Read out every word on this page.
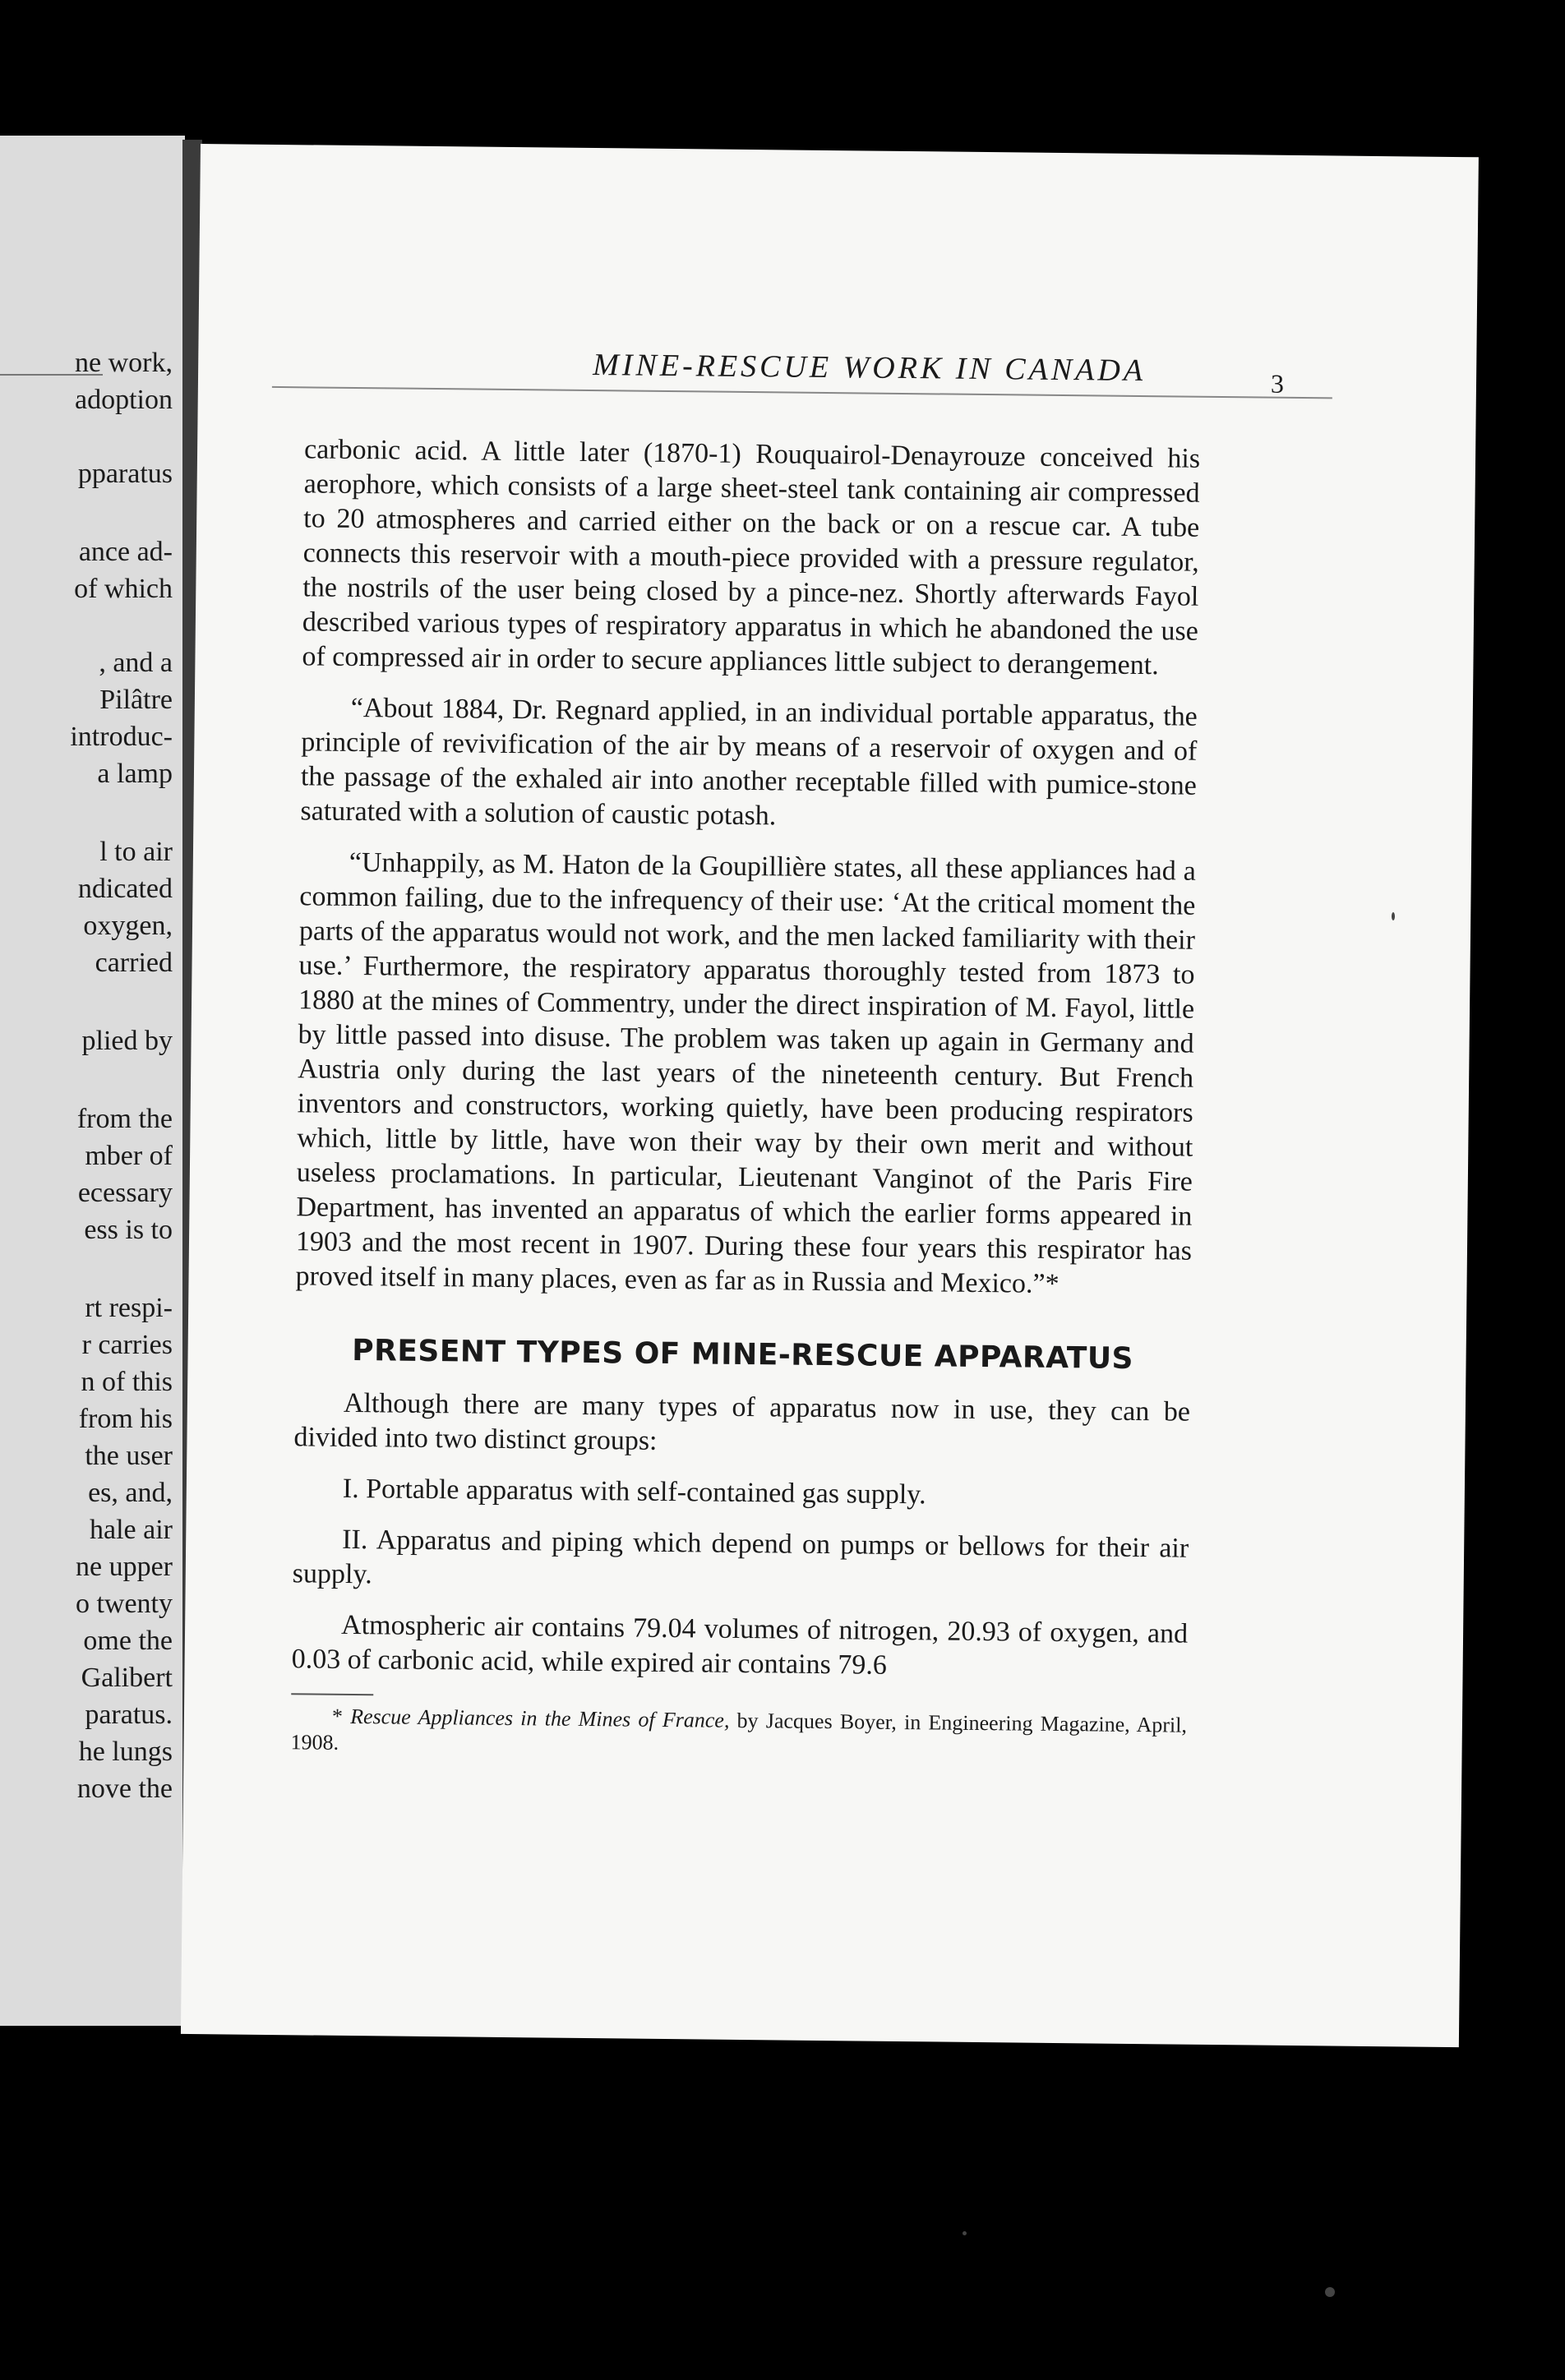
ne work,
adoption
pparatus
ance ad-
of which
, and a
Pilâtre
introduc-
a lamp
l to air
ndicated
oxygen,
carried
plied by
from the
mber of
ecessary
ess is to
rt respi-
r carries
n of this
from his
the user
es, and,
hale air
ne upper
o twenty
ome the
Galibert
paratus.
he lungs
nove the
MINE-RESCUE WORK IN CANADA	3

carbonic acid. A little later (1870-1) Rouquairol-Denayrouze conceived his aerophore, which consists of a large sheet-steel tank containing air compressed to 20 atmospheres and carried either on the back or on a rescue car. A tube connects this reservoir with a mouth-piece provided with a pressure regulator, the nostrils of the user being closed by a pince-nez. Shortly afterwards Fayol described various types of respiratory apparatus in which he abandoned the use of compressed air in order to secure appliances little subject to derangement.

“About 1884, Dr. Regnard applied, in an individual portable apparatus, the principle of revivification of the air by means of a reservoir of oxygen and of the passage of the exhaled air into another receptable filled with pumice-stone saturated with a solution of caustic potash.

“Unhappily, as M. Haton de la Goupillière states, all these appliances had a common failing, due to the infrequency of their use: ‘At the critical moment the parts of the apparatus would not work, and the men lacked familiarity with their use.’ Furthermore, the respiratory apparatus thoroughly tested from 1873 to 1880 at the mines of Commentry, under the direct inspiration of M. Fayol, little by little passed into disuse. The problem was taken up again in Germany and Austria only during the last years of the nineteenth century. But French inventors and constructors, working quietly, have been producing respirators which, little by little, have won their way by their own merit and without useless proclamations. In particular, Lieutenant Vanginot of the Paris Fire Department, has invented an apparatus of which the earlier forms appeared in 1903 and the most recent in 1907. During these four years this respirator has proved itself in many places, even as far as in Russia and Mexico.”*

PRESENT TYPES OF MINE-RESCUE APPARATUS

Although there are many types of apparatus now in use, they can be divided into two distinct groups:

I. Portable apparatus with self-contained gas supply.

II. Apparatus and piping which depend on pumps or bellows for their air supply.

Atmospheric air contains 79.04 volumes of nitrogen, 20.93 of oxygen, and 0.03 of carbonic acid, while expired air contains 79.6

* Rescue Appliances in the Mines of France, by Jacques Boyer, in Engineering Magazine, April, 1908.
